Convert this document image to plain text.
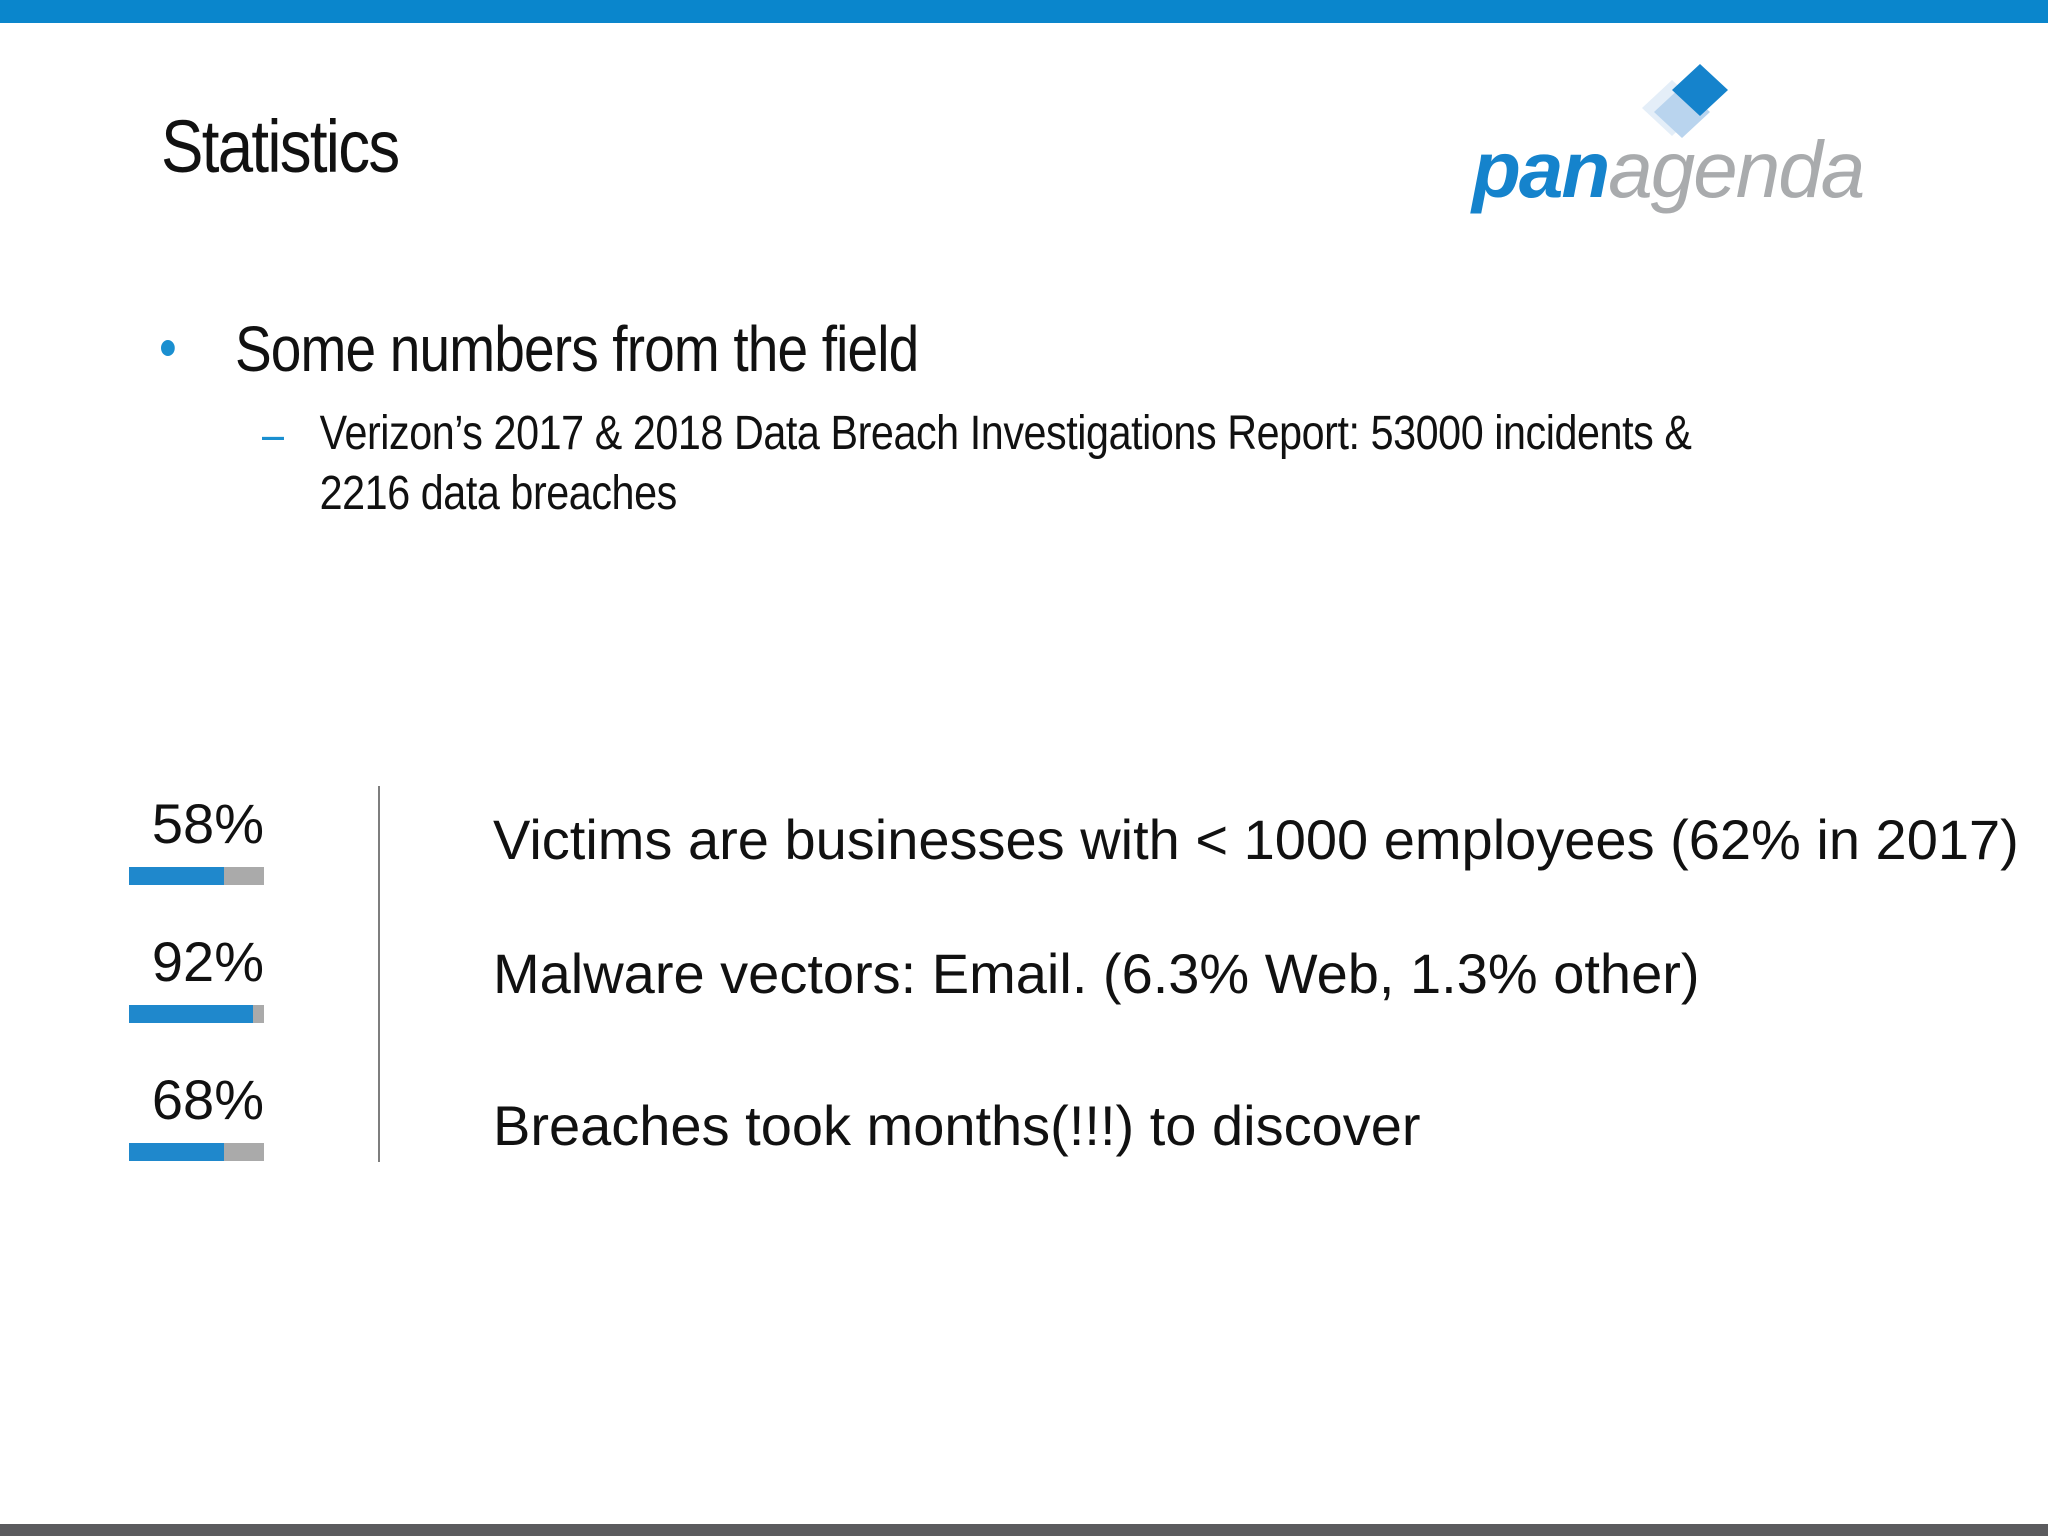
Statistics	panagenda
Some numbers from the field
– Verizon’s 2017 & 2018 Data Breach Investigations Report: 53000 incidents & 2216 data breaches
58%	Victims are businesses with < 1000 employees (62% in 2017)
92%	Malware vectors: Email. (6.3% Web, 1.3% other)
68%	Breaches took months(!!!) to discover
